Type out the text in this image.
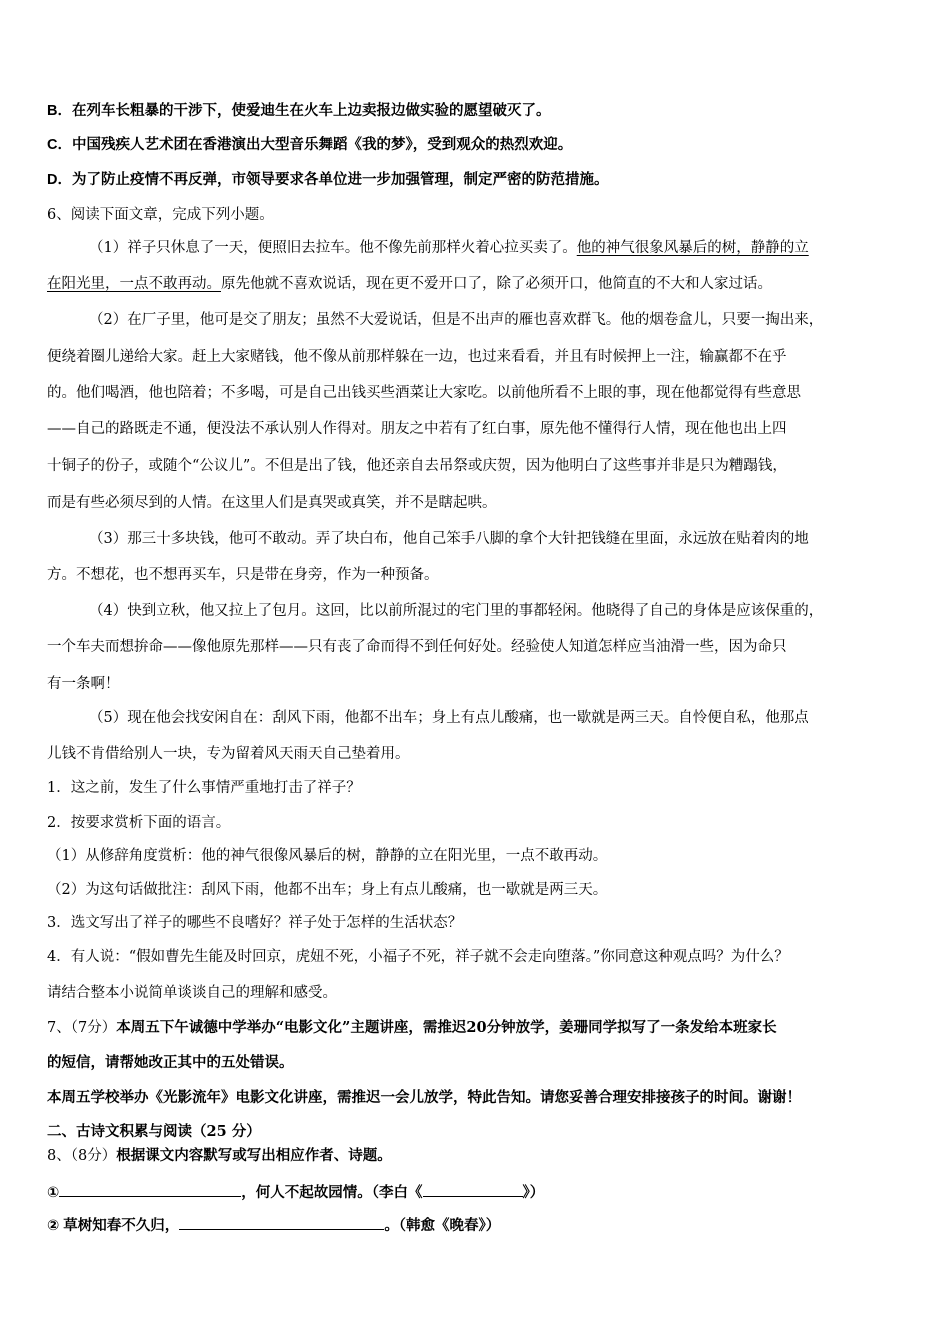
B．在列车长粗暴的干涉下，使爱迪生在火车上边卖报边做实验的愿望破灭了。
C．中国残疾人艺术团在香港演出大型音乐舞蹈《我的梦》，受到观众的热烈欢迎。
D．为了防止疫情不再反弹，市领导要求各单位进一步加强管理，制定严密的防范措施。
6、阅读下面文章，完成下列小题。
（1）祥子只休息了一天，便照旧去拉车。他不像先前那样火着心拉买卖了。他的神气很象风暴后的树，静静的立
在阳光里，一点不敢再动。原先他就不喜欢说话，现在更不爱开口了，除了必须开口，他简直的不大和人家过话。
（2）在厂子里，他可是交了朋友；虽然不大爱说话，但是不出声的雁也喜欢群飞。他的烟卷盒儿，只要一掏出来，
便绕着圈儿递给大家。赶上大家赌钱，他不像从前那样躲在一边，也过来看看，并且有时候押上一注，输赢都不在乎
的。他们喝酒，他也陪着；不多喝，可是自己出钱买些酒菜让大家吃。以前他所看不上眼的事，现在他都觉得有些意思
——自己的路既走不通，便没法不承认别人作得对。朋友之中若有了红白事，原先他不懂得行人情，现在他也出上四
十铜子的份子，或随个“公议儿”。不但是出了钱，他还亲自去吊祭或庆贺，因为他明白了这些事并非是只为糟蹋钱，
而是有些必须尽到的人情。在这里人们是真哭或真笑，并不是瞎起哄。
（3）那三十多块钱，他可不敢动。弄了块白布，他自己笨手八脚的拿个大针把钱缝在里面，永远放在贴着肉的地
方。不想花，也不想再买车，只是带在身旁，作为一种预备。
（4）快到立秋，他又拉上了包月。这回，比以前所混过的宅门里的事都轻闲。他晓得了自己的身体是应该保重的，
一个车夫而想拚命——像他原先那样——只有丧了命而得不到任何好处。经验使人知道怎样应当油滑一些，因为命只
有一条啊！
（5）现在他会找安闲自在：刮风下雨，他都不出车；身上有点儿酸痛，也一歇就是两三天。自怜便自私，他那点
儿钱不肯借给别人一块，专为留着风天雨天自己垫着用。
1．这之前，发生了什么事情严重地打击了祥子？
2．按要求赏析下面的语言。
（1）从修辞角度赏析：他的神气很像风暴后的树，静静的立在阳光里，一点不敢再动。
（2）为这句话做批注：刮风下雨，他都不出车；身上有点儿酸痛，也一歇就是两三天。
3．选文写出了祥子的哪些不良嗜好？祥子处于怎样的生活状态？
4．有人说：“假如曹先生能及时回京，虎妞不死，小福子不死，祥子就不会走向堕落。”你同意这种观点吗？为什么？
请结合整本小说简单谈谈自己的理解和感受。
7、（7分）本周五下午诚德中学举办“电影文化”主题讲座，需推迟20分钟放学，姜珊同学拟写了一条发给本班家长
的短信，请帮她改正其中的五处错误。
本周五学校举办《光影流年》电影文化讲座，需推迟一会儿放学，特此告知。请您妥善合理安排接孩子的时间。谢谢！
二、古诗文积累与阅读（25 分）
8、（8分）根据课文内容默写或写出相应作者、诗题。
①	，何人不起故园情。（李白《	》）
② 草树知春不久归，	。（韩愈《晚春》）
